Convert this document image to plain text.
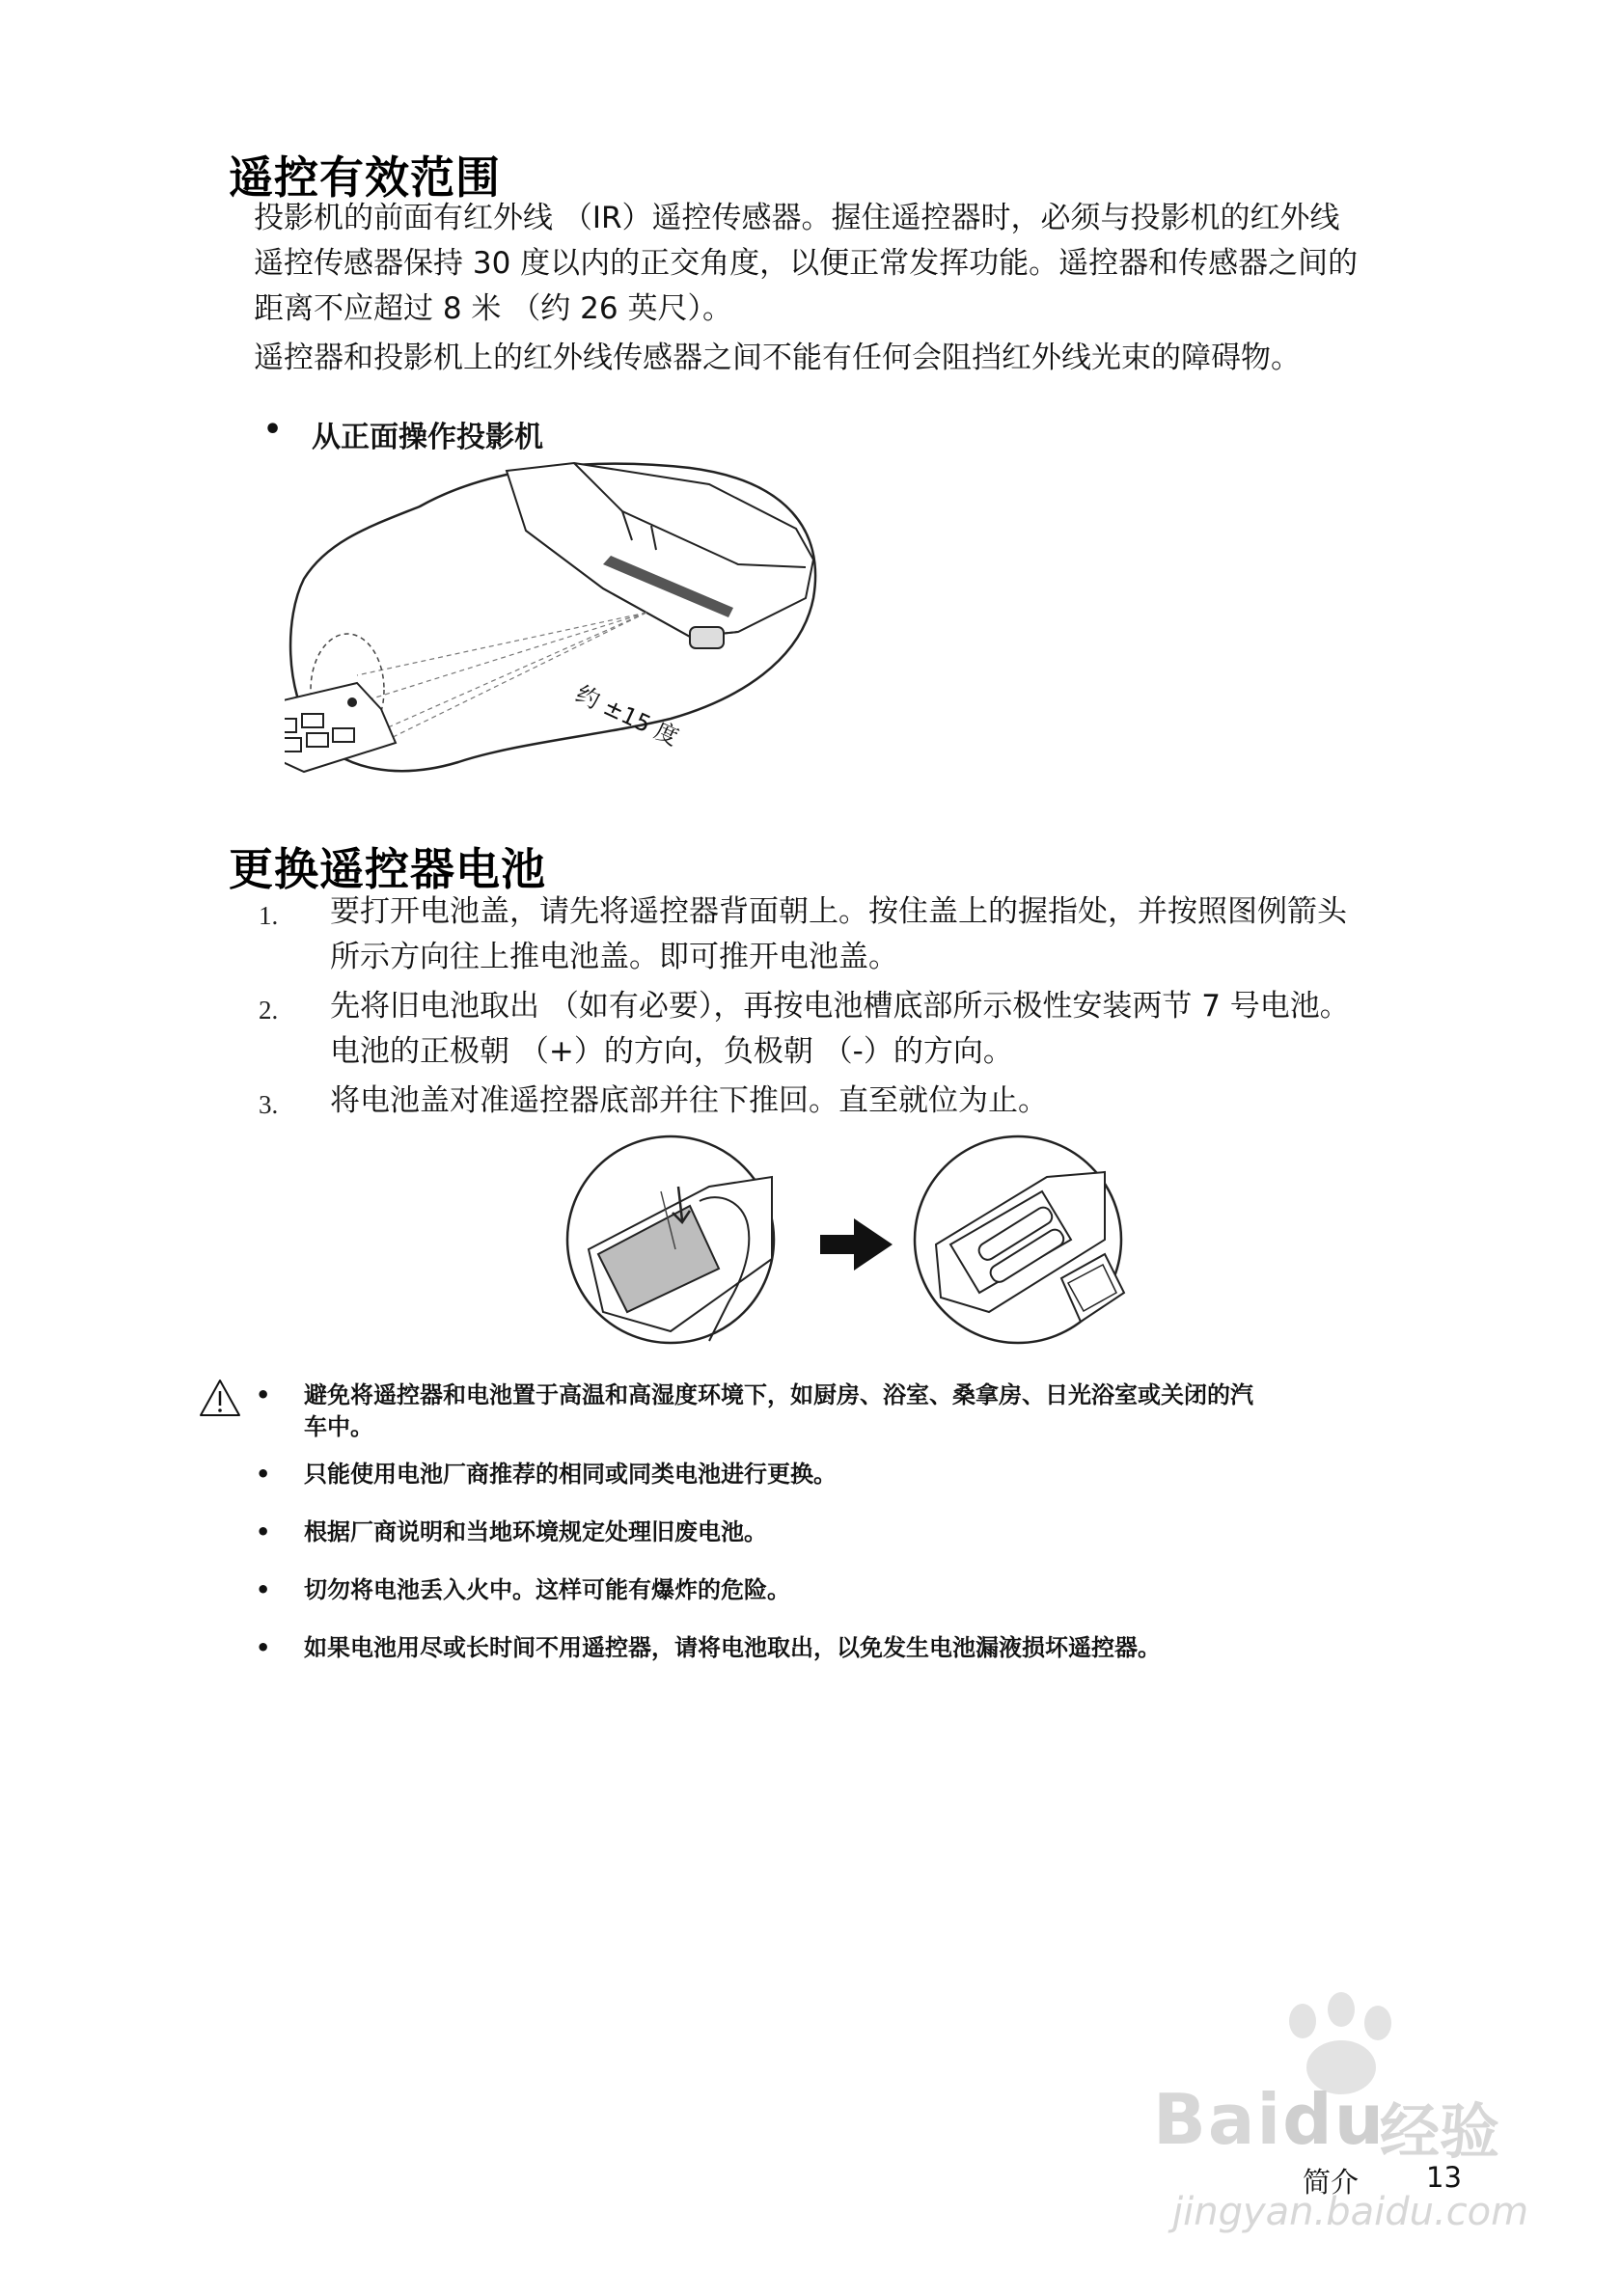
遥控有效范围
投影机的前面有红外线 （IR）遥控传感器。握住遥控器时，必须与投影机的红外线
遥控传感器保持 30 度以内的正交角度，以便正常发挥功能。遥控器和传感器之间的
距离不应超过 8 米 （约 26 英尺）。
遥控器和投影机上的红外线传感器之间不能有任何会阻挡红外线光束的障碍物。
• 从正面操作投影机
约 ±15 度
更换遥控器电池
1.	要打开电池盖，请先将遥控器背面朝上。按住盖上的握指处，并按照图例箭头
所示方向往上推电池盖。即可推开电池盖。
2.	先将旧电池取出 （如有必要），再按电池槽底部所示极性安装两节 7 号电池。
电池的正极朝 （+）的方向，负极朝 （-）的方向。
3.	将电池盖对准遥控器底部并往下推回。直至就位为止。
• 避免将遥控器和电池置于高温和高湿度环境下，如厨房、浴室、桑拿房、日光浴室或关闭的汽
车中。
• 只能使用电池厂商推荐的相同或同类电池进行更换。
• 根据厂商说明和当地环境规定处理旧废电池。
• 切勿将电池丢入火中。这样可能有爆炸的危险。
• 如果电池用尽或长时间不用遥控器，请将电池取出，以免发生电池漏液损坏遥控器。
Baidu
经验
jingyan.baidu.com
简介 13
